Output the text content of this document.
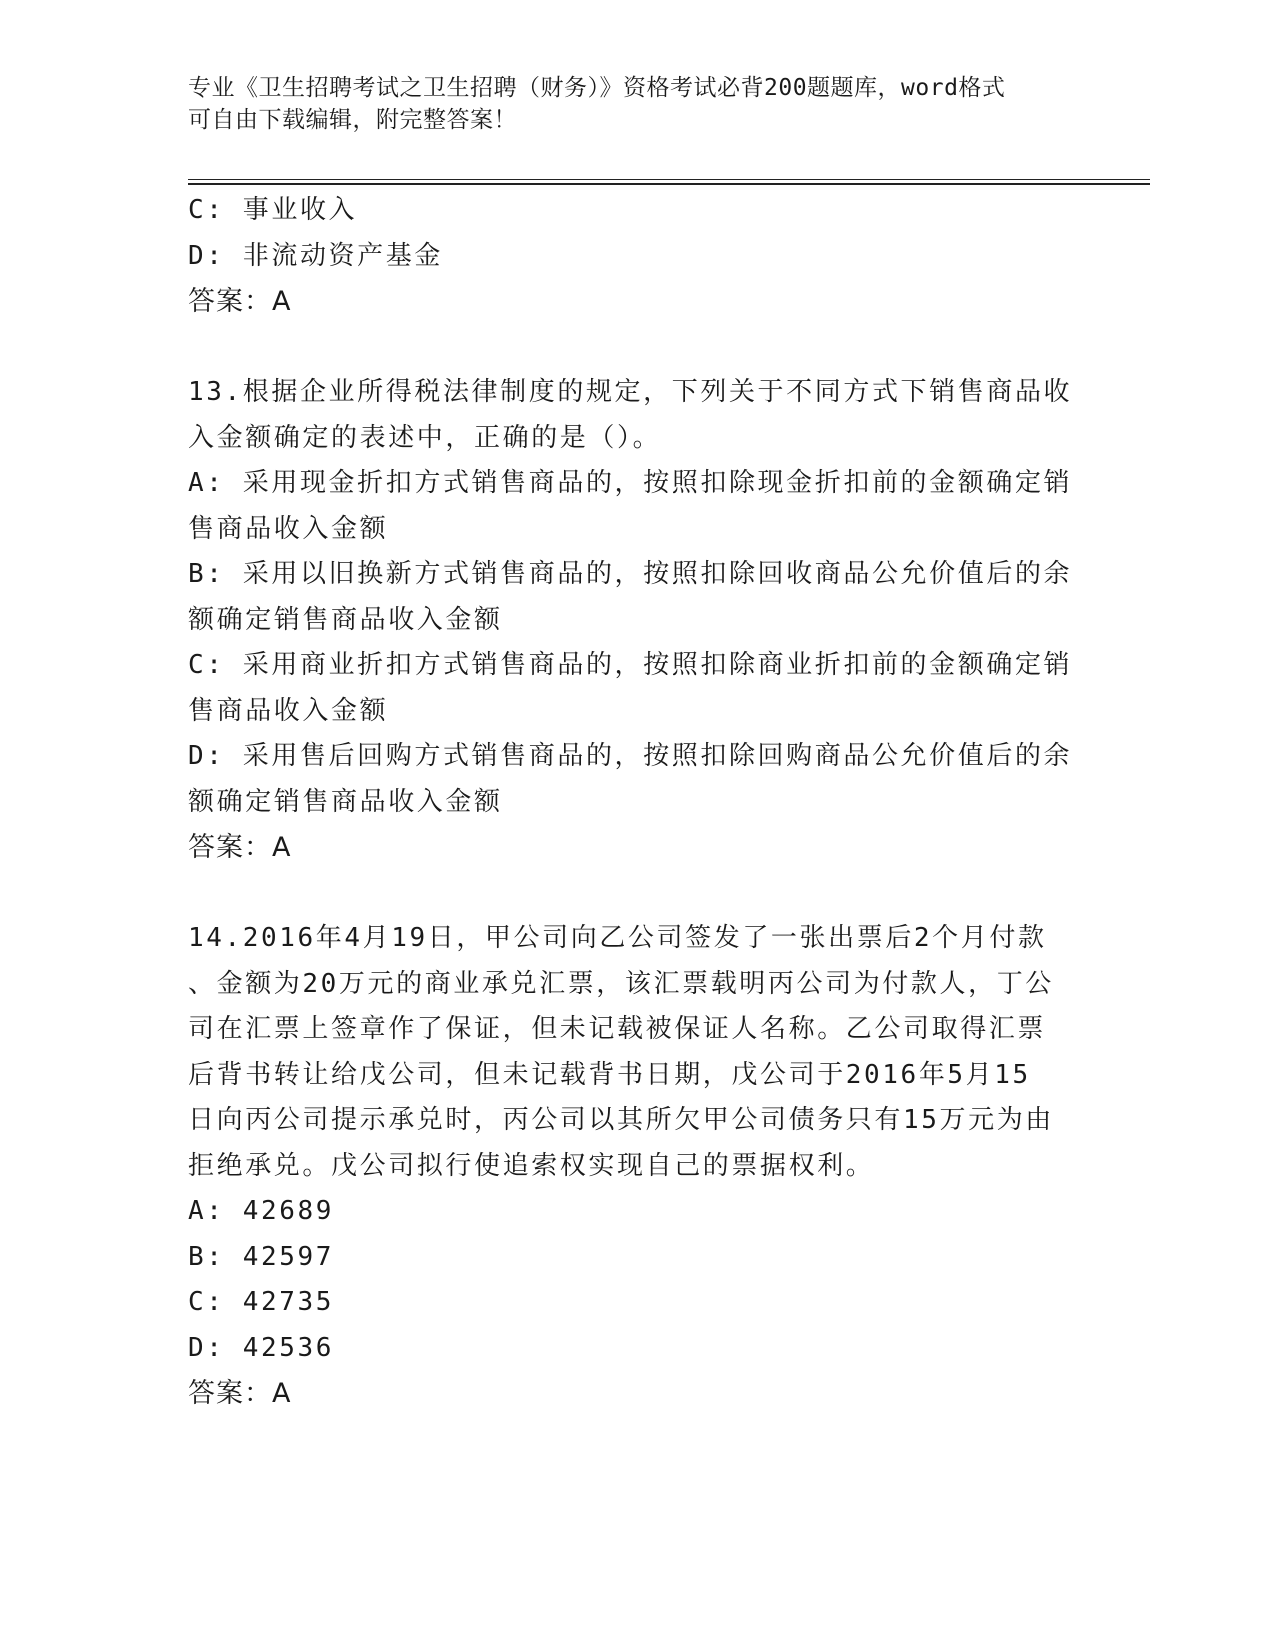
专业《卫生招聘考试之卫生招聘（财务）》资格考试必背200题题库，word格式
可自由下载编辑，附完整答案！
C: 事业收入
D: 非流动资产基金
答案：A
13.根据企业所得税法律制度的规定，下列关于不同方式下销售商品收
入金额确定的表述中，正确的是（）。
A: 采用现金折扣方式销售商品的，按照扣除现金折扣前的金额确定销
售商品收入金额
B: 采用以旧换新方式销售商品的，按照扣除回收商品公允价值后的余
额确定销售商品收入金额
C: 采用商业折扣方式销售商品的，按照扣除商业折扣前的金额确定销
售商品收入金额
D: 采用售后回购方式销售商品的，按照扣除回购商品公允价值后的余
额确定销售商品收入金额
答案：A
14.2016年4月19日，甲公司向乙公司签发了一张出票后2个月付款
、金额为20万元的商业承兑汇票，该汇票载明丙公司为付款人，丁公
司在汇票上签章作了保证，但未记载被保证人名称。乙公司取得汇票
后背书转让给戊公司，但未记载背书日期，戊公司于2016年5月15
日向丙公司提示承兑时，丙公司以其所欠甲公司债务只有15万元为由
拒绝承兑。戊公司拟行使追索权实现自己的票据权利。
A: 42689
B: 42597
C: 42735
D: 42536
答案：A
